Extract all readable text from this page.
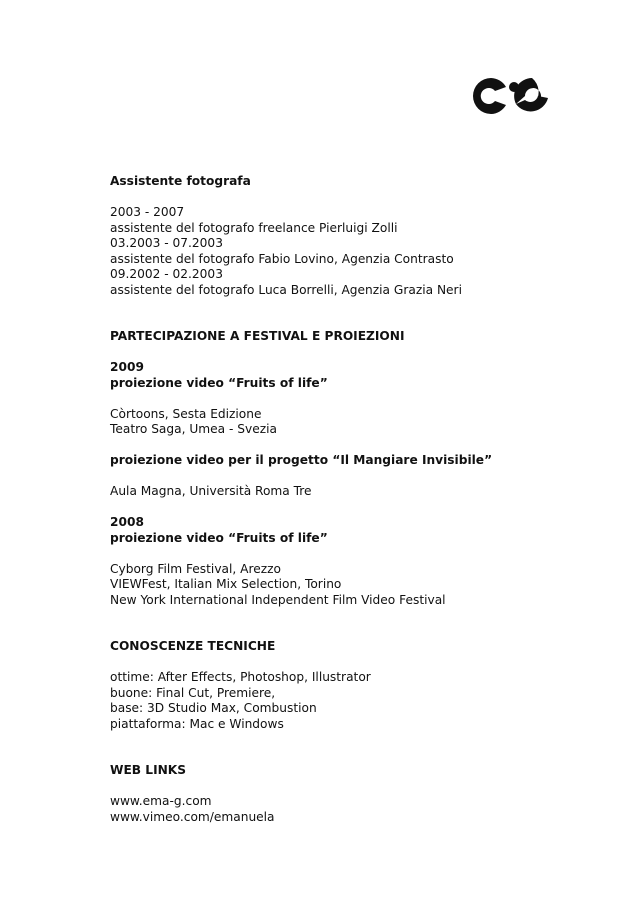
Assistente fotografa
2003 - 2007
assistente del fotografo freelance Pierluigi Zolli
03.2003 - 07.2003
assistente del fotografo Fabio Lovino, Agenzia Contrasto
09.2002 - 02.2003
assistente del fotografo Luca Borrelli, Agenzia Grazia Neri
PARTECIPAZIONE A FESTIVAL E PROIEZIONI
2009
proiezione video “Fruits of life”
Còrtoons, Sesta Edizione
Teatro Saga, Umea - Svezia
proiezione video per il progetto “Il Mangiare Invisibile”
Aula Magna, Università Roma Tre
2008
proiezione video “Fruits of life”
Cyborg Film Festival, Arezzo
VIEWFest, Italian Mix Selection, Torino
New York International Independent Film Video Festival
CONOSCENZE TECNICHE
ottime: After Effects, Photoshop, Illustrator
buone: Final Cut, Premiere,
base: 3D Studio Max, Combustion
piattaforma: Mac e Windows
WEB LINKS
www.ema-g.com
www.vimeo.com/emanuela
